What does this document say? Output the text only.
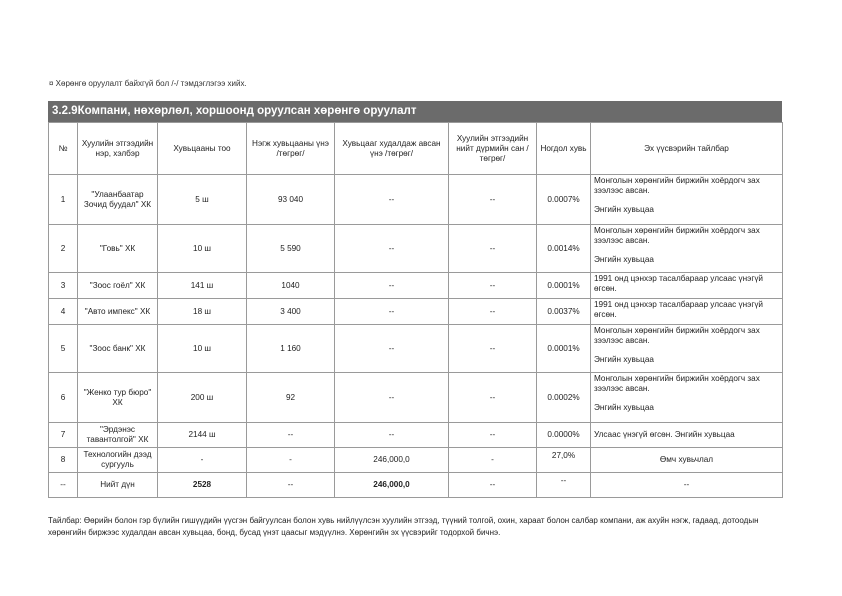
¤ Хөрөнгө оруулалт байхгүй бол /-/ тэмдэглэгээ хийх.
3.2.9Компани, нөхөрлөл, хоршоонд оруулсан хөрөнгө оруулалт
№	Хуулийн этгээдийн нэр, хэлбэр	Хувьцааны тоо	Нэгж хувьцааны үнэ /төгрөг/	Хувьцааг худалдаж авсан үнэ /төгрөг/	Хуулийн этгээдийн нийт дүрмийн сан / төгрөг/	Ногдол хувь	Эх үүсвэрийн тайлбар
1	"Улаанбаатар Зочид буудал" ХК	5 ш	93 040	--	--	0.0007%	Монголын хөрөнгийн биржийн хоёрдогч зах зээлээс авсан.
Энгийн хувьцаа

2	"Говь" ХК	10 ш	5 590	--	--	0.0014%	Монголын хөрөнгийн биржийн хоёрдогч зах зээлээс авсан.
Энгийн хувьцаа

3	"Зоос гоёл" ХК	141 ш	1040	--	--	0.0001%	1991 онд цэнхэр тасалбараар улсаас үнэгүй өгсөн.
4	"Авто импекс" ХК	18 ш	3 400	--	--	0.0037%	1991 онд цэнхэр тасалбараар улсаас үнэгүй өгсөн.
5	"Зоос банк" ХК	10 ш	1 160	--	--	0.0001%	Монголын хөрөнгийн биржийн хоёрдогч зах зээлээс авсан.
Энгийн хувьцаа

6	"Женко тур бюро" ХК	200 ш	92	--	--	0.0002%	Монголын хөрөнгийн биржийн хоёрдогч зах зээлээс авсан.
Энгийн хувьцаа

7	"Эрдэнэс тавантолгой" ХК	2144 ш	--	--	--	0.0000%	Улсаас үнэгүй өгсөн. Энгийн хувьцаа
8	Технологийн дээд сургууль	-	-	246,000,0	-	27,0%	Өмч хувьчлал
--	Нийт дүн	2528	--	246,000,0	--	--	--
Тайлбар: Өөрийн болон гэр бүлийн гишүүдийн үүсгэн байгуулсан болон хувь нийлүүлсэн хуулийн этгээд, түүний толгой, охин, хараат болон салбар компани, аж ахуйн нэгж, гадаад, дотоодын хөрөнгийн биржээс худалдан авсан хувьцаа, бонд, бусад үнэт цаасыг мэдүүлнэ. Хөрөнгийн эх үүсвэрийг тодорхой бичнэ.
